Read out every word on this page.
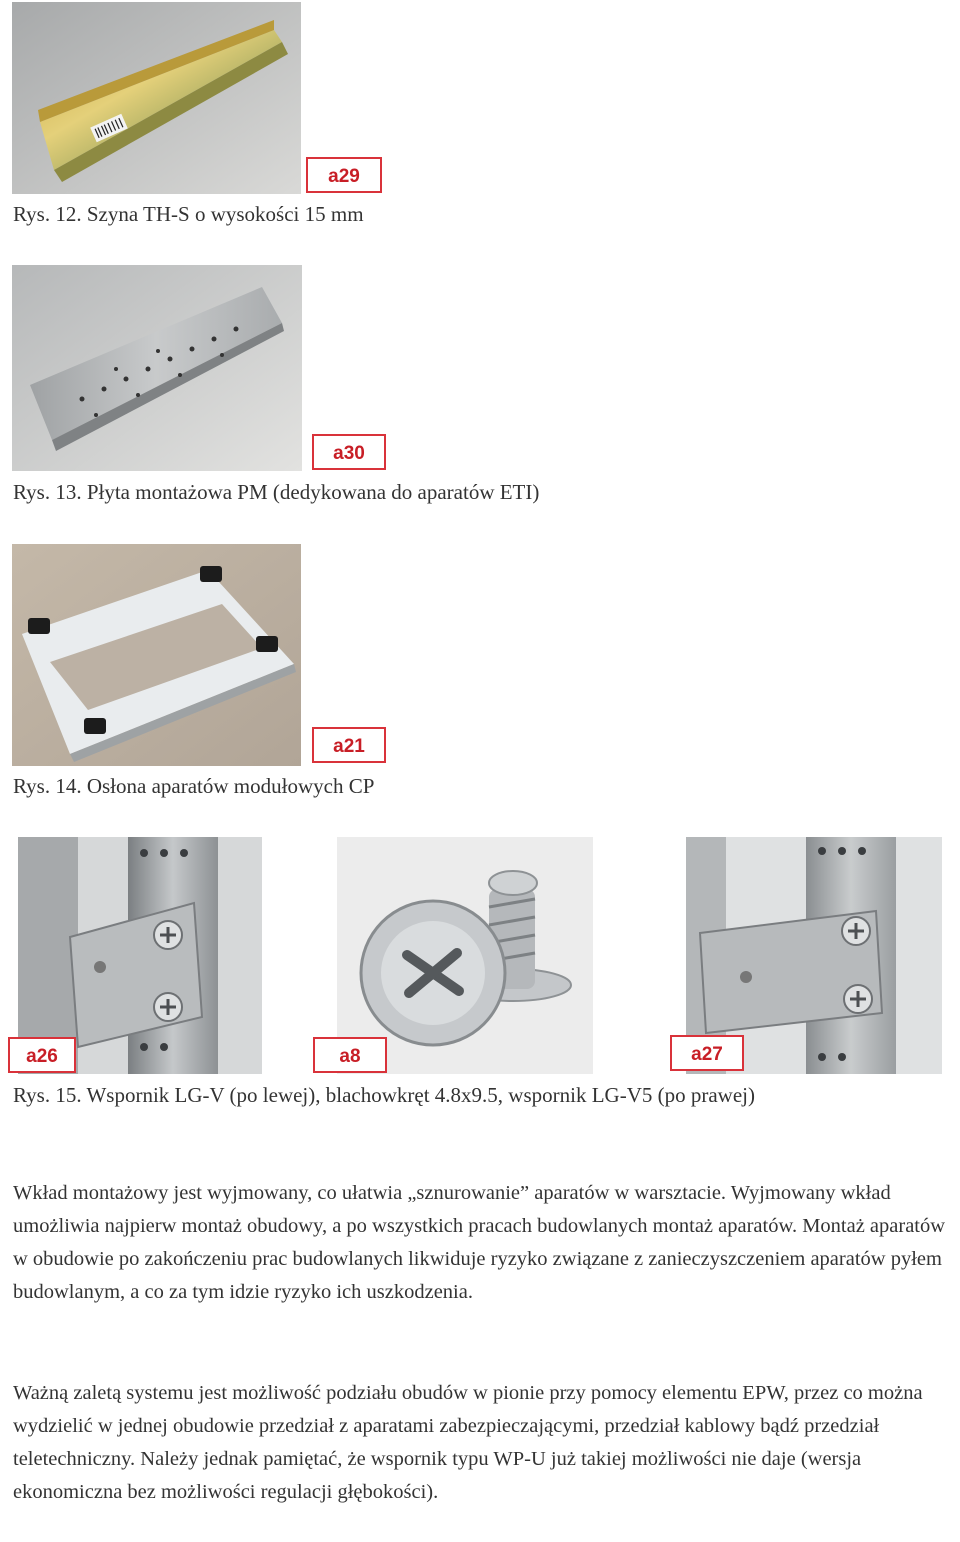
a29
Rys. 12. Szyna TH-S o wysokości 15 mm
a30
Rys. 13. Płyta montażowa PM (dedykowana do aparatów ETI)
a21
Rys. 14. Osłona aparatów modułowych CP
a26	a8	a27
Rys. 15. Wspornik LG-V (po lewej), blachowkręt 4.8x9.5, wspornik LG-V5 (po prawej)

Wkład montażowy jest wyjmowany, co ułatwia „sznurowanie” aparatów w warsztacie. Wyjmowany wkład umożliwia najpierw montaż obudowy, a po wszystkich pracach budowlanych montaż aparatów. Montaż aparatów w obudowie po zakończeniu prac budowlanych likwiduje ryzyko związane z zanieczyszczeniem aparatów pyłem budowlanym, a co za tym idzie ryzyko ich uszkodzenia.

Ważną zaletą systemu jest możliwość podziału obudów w pionie przy pomocy elementu EPW, przez co można wydzielić w jednej obudowie przedział z aparatami zabezpieczającymi, przedział kablowy bądź przedział teletechniczny. Należy jednak pamiętać, że wspornik typu WP-U już takiej możliwości nie daje (wersja ekonomiczna bez możliwości regulacji głębokości).
